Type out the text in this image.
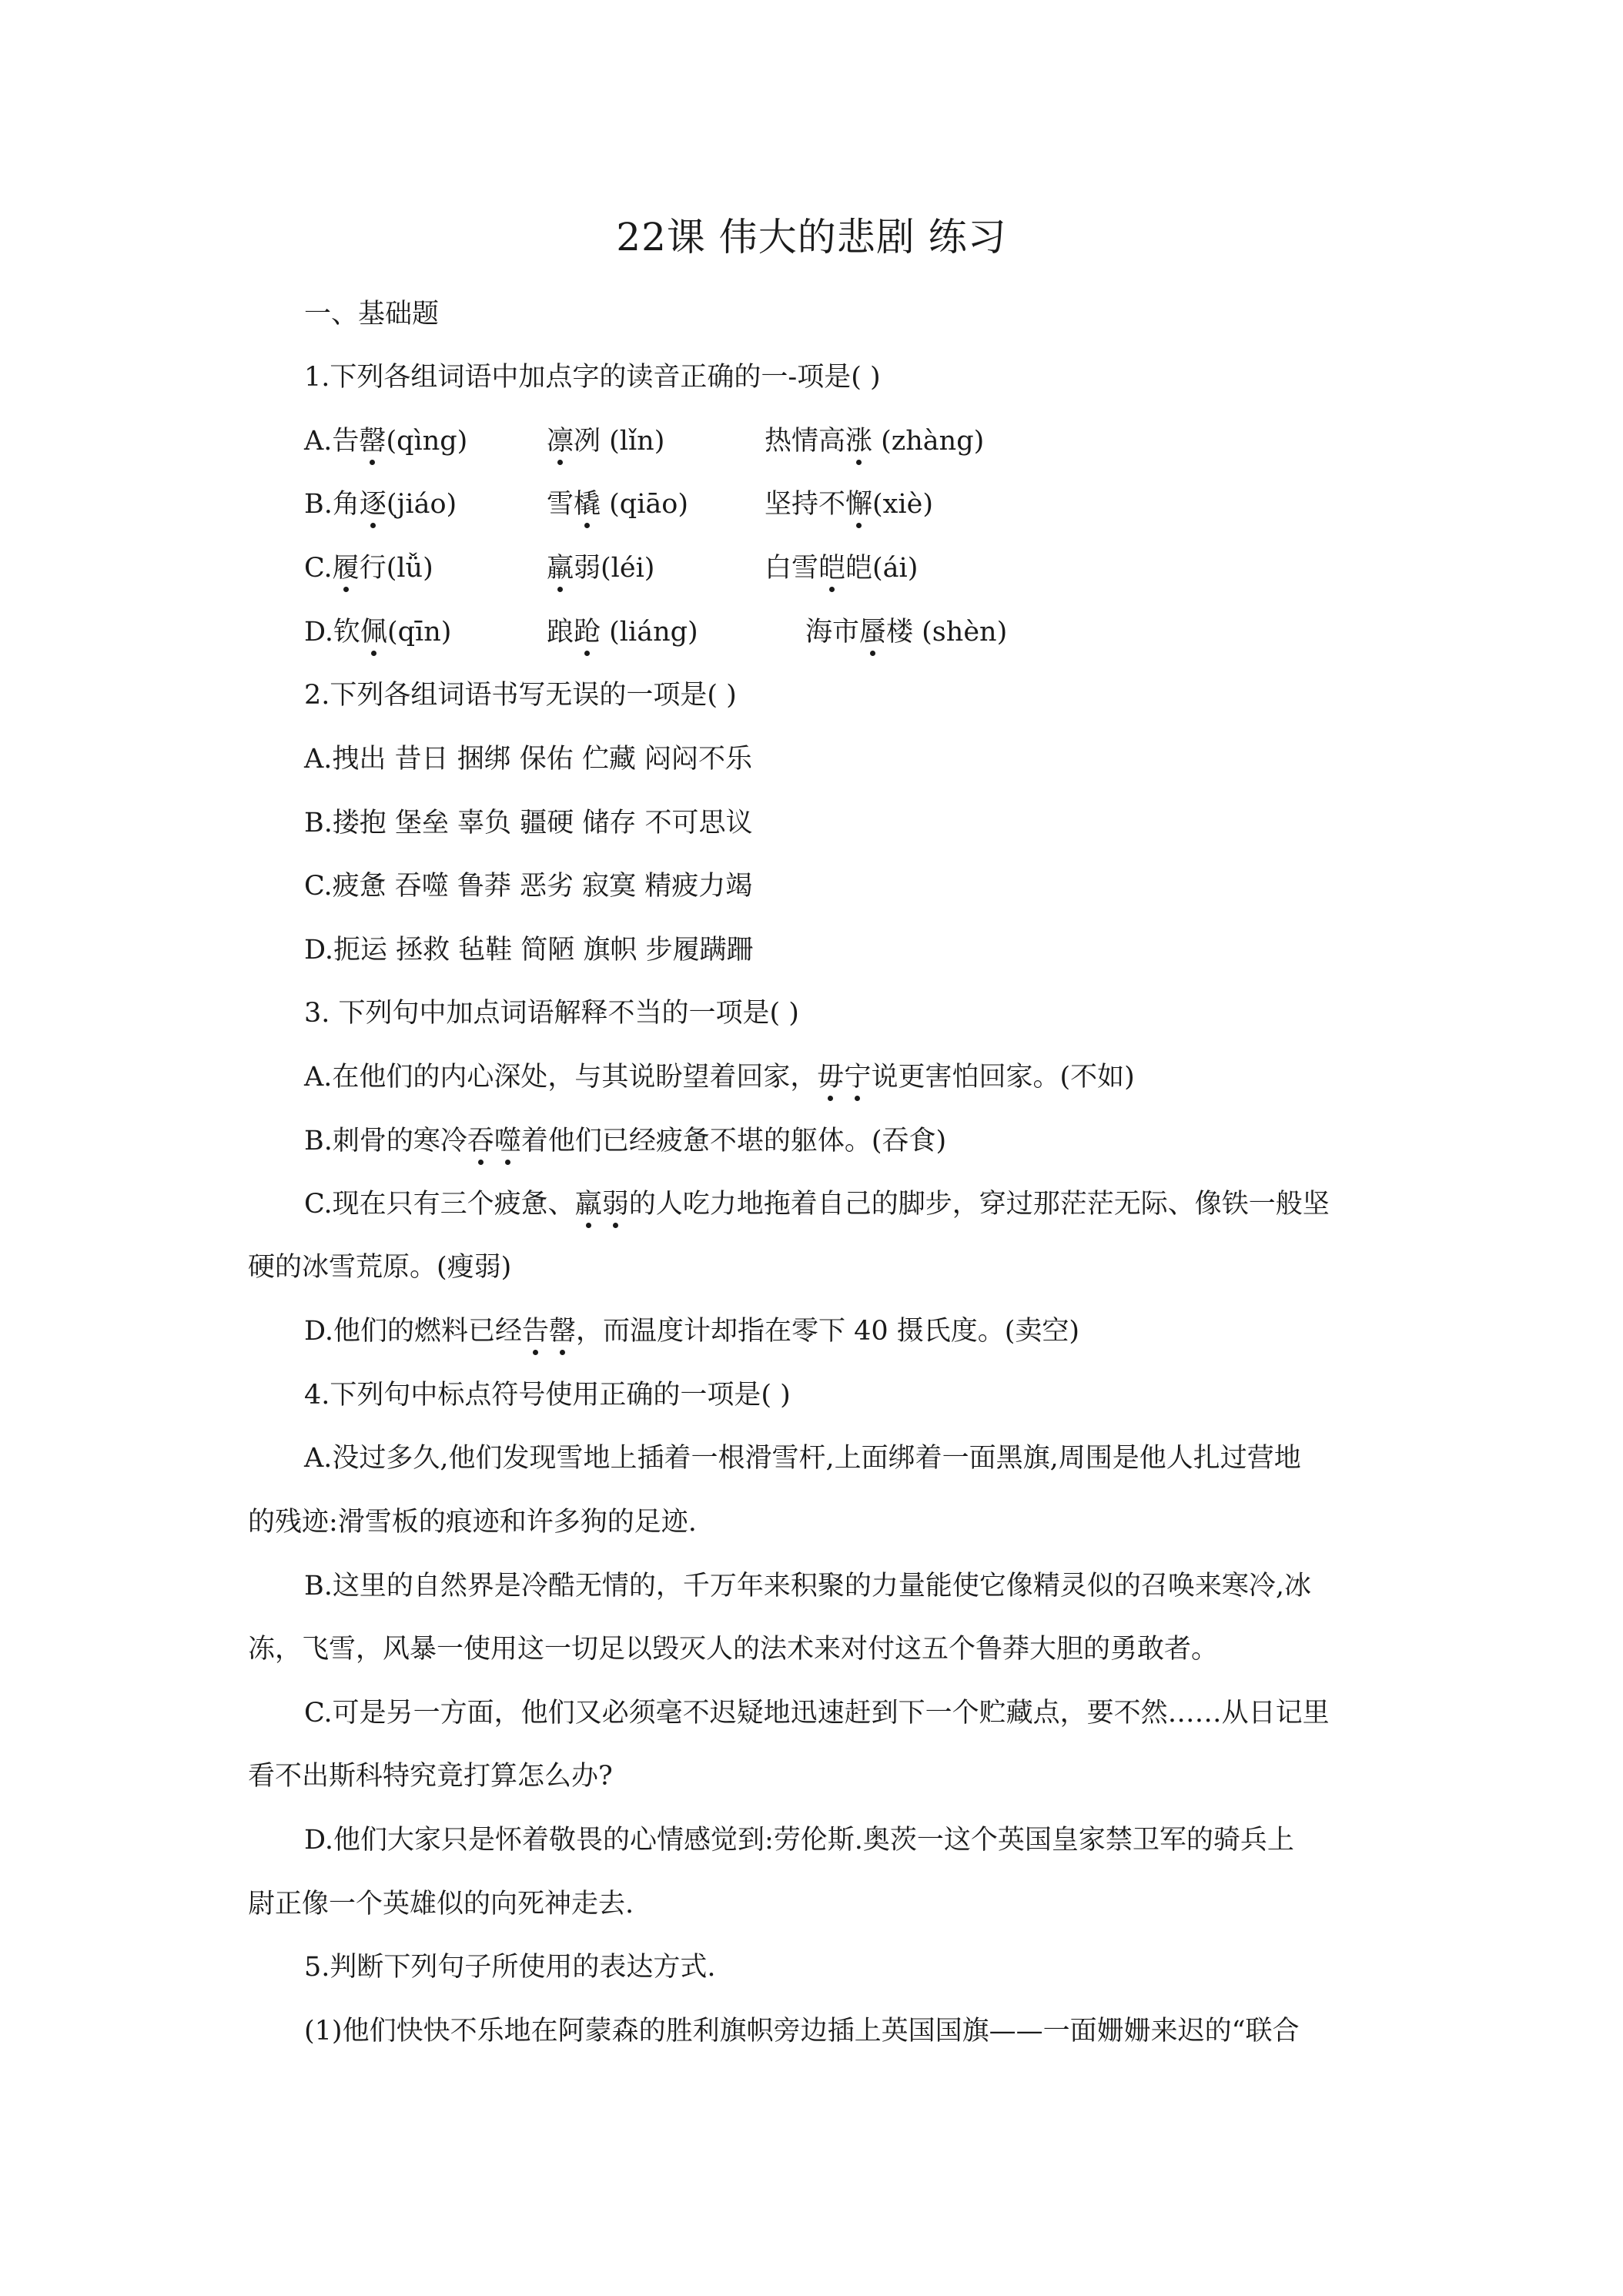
22课 伟大的悲剧 练习
一、基础题
1.下列各组词语中加点字的读音正确的一-项是( )
A.告罄(qìng)	凛冽 (lǐn)	热情高涨 (zhàng)
B.角逐(jiáo)	雪橇 (qiāo)	坚持不懈(xiè)
C.履行(lǚ)	羸弱(léi)	白雪皑皑(ái)
D.钦佩(qīn)	踉跄 (liáng)	海市蜃楼 (shèn)
2.下列各组词语书写无误的一项是( )
A.拽出 昔日 捆绑 保佑 伫藏 闷闷不乐
B.搂抱 堡垒 辜负 疆硬 储存 不可思议
C.疲惫 吞噬 鲁莽 恶劣 寂寞 精疲力竭
D.扼运 拯救 毡鞋 简陋 旗帜 步履蹒跚
3. 下列句中加点词语解释不当的一项是( )
A.在他们的内心深处，与其说盼望着回家，毋宁说更害怕回家。(不如)
B.刺骨的寒冷吞噬着他们已经疲惫不堪的躯体。(吞食)
C.现在只有三个疲惫、羸弱的人吃力地拖着自己的脚步，穿过那茫茫无际、像铁一般坚
硬的冰雪荒原。(瘦弱)
D.他们的燃料已经告罄，而温度计却指在零下 40 摄氏度。(卖空)
4.下列句中标点符号使用正确的一项是( )
A.没过多久,他们发现雪地上插着一根滑雪杆,上面绑着一面黑旗,周围是他人扎过营地
的残迹:滑雪板的痕迹和许多狗的足迹.
B.这里的自然界是冷酷无情的，千万年来积聚的力量能使它像精灵似的召唤来寒冷,冰
冻，飞雪，风暴一使用这一切足以毁灭人的法术来对付这五个鲁莽大胆的勇敢者。
C.可是另一方面，他们又必须毫不迟疑地迅速赶到下一个贮藏点，要不然……从日记里
看不出斯科特究竟打算怎么办?
D.他们大家只是怀着敬畏的心情感觉到:劳伦斯.奥茨一这个英国皇家禁卫军的骑兵上
尉正像一个英雄似的向死神走去.
5.判断下列句子所使用的表达方式.
(1)他们快快不乐地在阿蒙森的胜利旗帜旁边插上英国国旗——一面姗姗来迟的“联合
